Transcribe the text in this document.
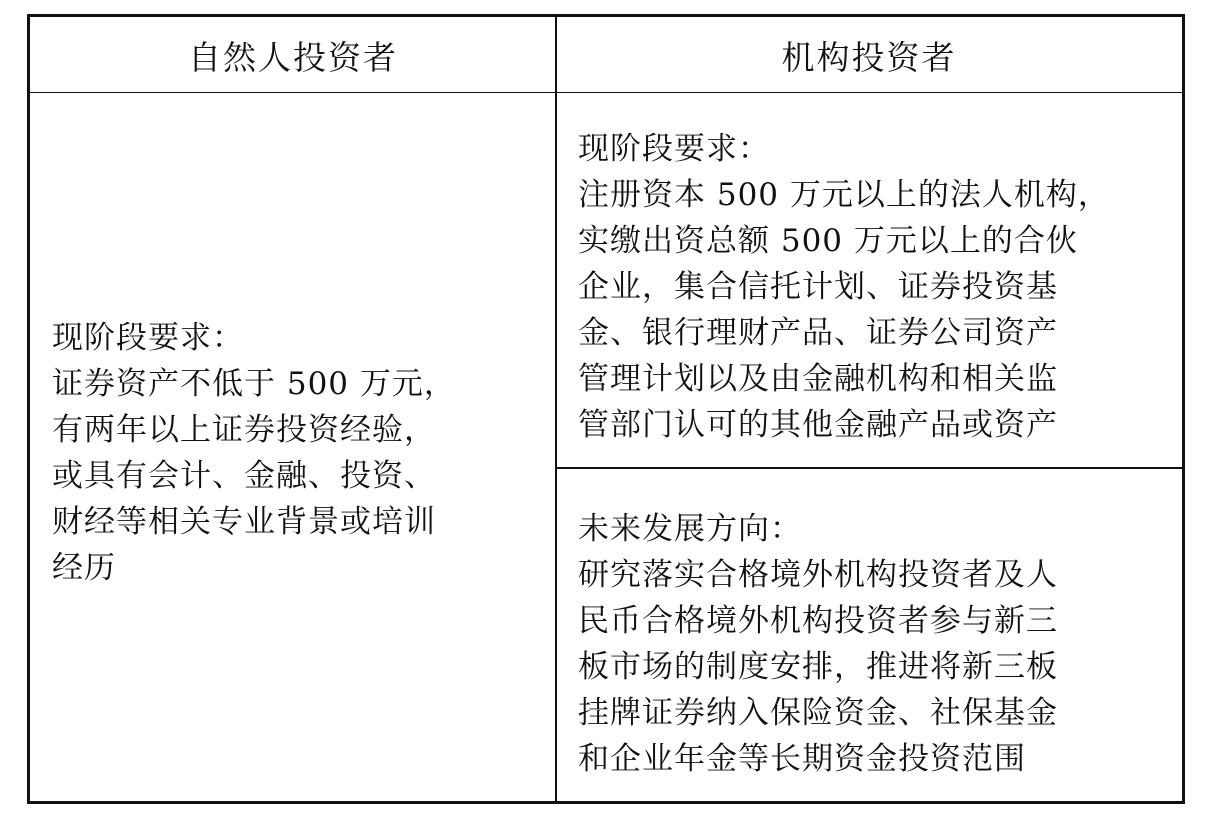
自然人投资者	机构投资者
现阶段要求：
证券资产不低于 500 万元，
有两年以上证券投资经验，
或具有会计、金融、投资、
财经等相关专业背景或培训
经历
现阶段要求：
注册资本 500 万元以上的法人机构，
实缴出资总额 500 万元以上的合伙
企业，集合信托计划、证券投资基
金、银行理财产品、证券公司资产
管理计划以及由金融机构和相关监
管部门认可的其他金融产品或资产
未来发展方向：
研究落实合格境外机构投资者及人
民币合格境外机构投资者参与新三
板市场的制度安排，推进将新三板
挂牌证券纳入保险资金、社保基金
和企业年金等长期资金投资范围
